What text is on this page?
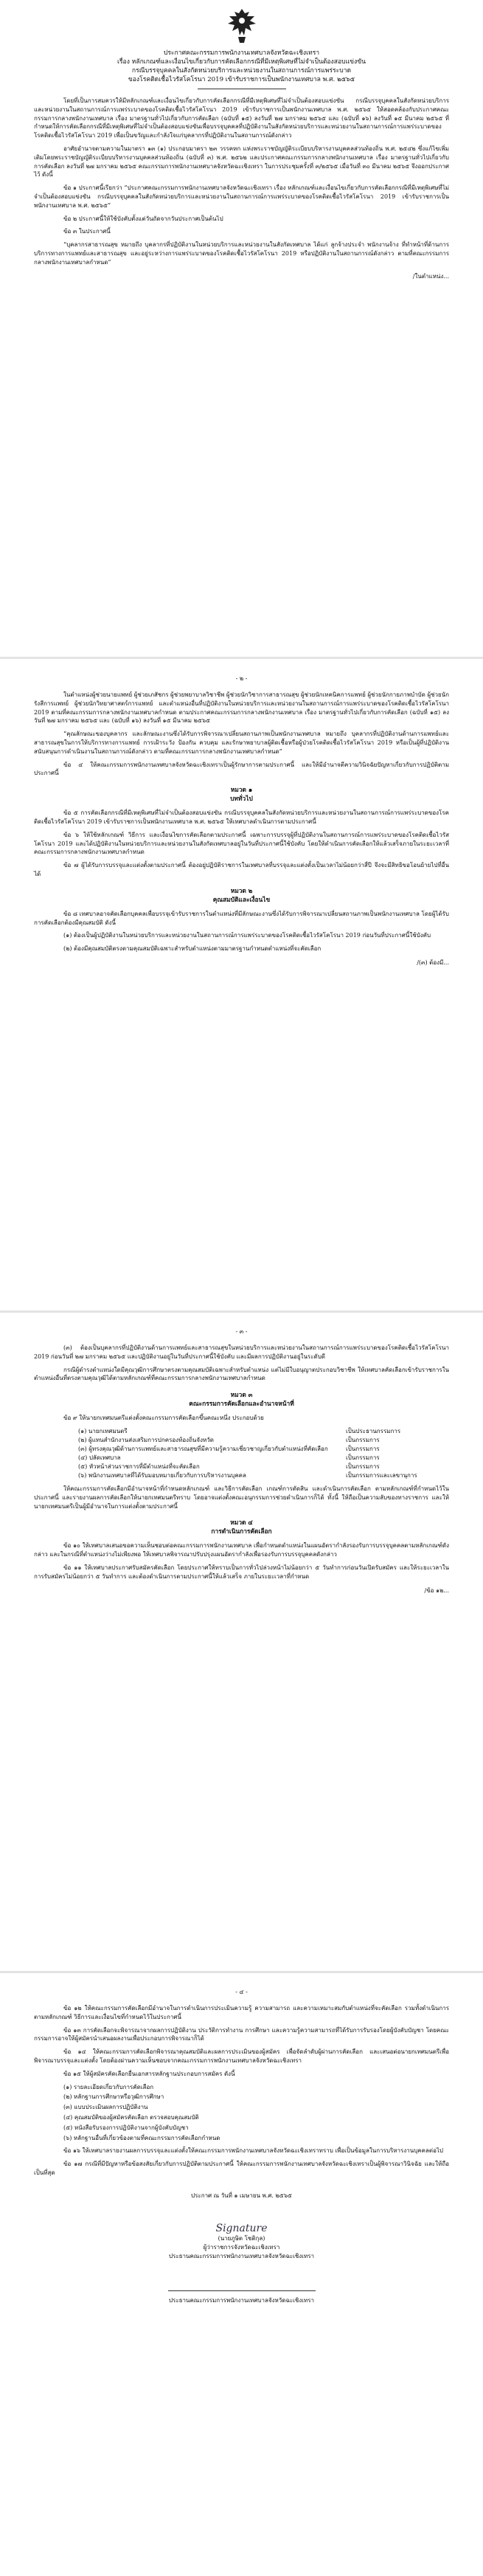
ประกาศคณะกรรมการพนักงานเทศบาลจังหวัดฉะเชิงเทรา
เรื่อง หลักเกณฑ์และเงื่อนไขเกี่ยวกับการคัดเลือกกรณีที่มีเหตุพิเศษที่ไม่จำเป็นต้องสอบแข่งขัน
กรณีบรรจุบุคคลในสังกัดหน่วยบริการและหน่วยงานในสถานการณ์การแพร่ระบาด
ของโรคติดเชื้อไวรัสโคโรนา 2019 เข้ารับราชการเป็นพนักงานเทศบาล พ.ศ. ๒๕๖๕

โดยที่เป็นการสมควรให้มีหลักเกณฑ์และเงื่อนไขเกี่ยวกับการคัดเลือกกรณีที่มีเหตุพิเศษที่ไม่จำเป็นต้องสอบแข่งขัน กรณีบรรจุบุคคลในสังกัดหน่วยบริการและหน่วยงานในสถานการณ์การแพร่ระบาดของโรคติดเชื้อไวรัสโคโรนา 2019 เข้ารับราชการเป็นพนักงานเทศบาล พ.ศ. ๒๕๖๕ ให้สอดคล้องกับประกาศคณะกรรมการกลางพนักงานเทศบาล เรื่อง มาตรฐานทั่วไปเกี่ยวกับการคัดเลือก (ฉบับที่ ๑๕) ลงวันที่ ๒๗ มกราคม ๒๕๖๕ และ (ฉบับที่ ๑๖) ลงวันที่ ๑๕ มีนาคม ๒๕๖๕ ที่กำหนดให้การคัดเลือกกรณีที่มีเหตุพิเศษที่ไม่จำเป็นต้องสอบแข่งขันเพื่อบรรจุบุคคลที่ปฏิบัติงานในสังกัดหน่วยบริการและหน่วยงานในสถานการณ์การแพร่ระบาดของโรคติดเชื้อไวรัสโคโรนา 2019 เพื่อเป็นขวัญและกำลังใจแก่บุคลากรที่ปฏิบัติงานในสถานการณ์ดังกล่าว

อาศัยอำนาจตามความในมาตรา ๑๓ (๑) ประกอบมาตรา ๒๓ วรรคหก แห่งพระราชบัญญัติระเบียบบริหารงานบุคคลส่วนท้องถิ่น พ.ศ. ๒๕๔๒ ซึ่งแก้ไขเพิ่มเติมโดยพระราชบัญญัติระเบียบบริหารงานบุคคลส่วนท้องถิ่น (ฉบับที่ ๓) พ.ศ. ๒๕๖๒ และประกาศคณะกรรมการกลางพนักงานเทศบาล เรื่อง มาตรฐานทั่วไปเกี่ยวกับการคัดเลือก ลงวันที่ ๒๗ มกราคม ๒๕๖๕ คณะกรรมการพนักงานเทศบาลจังหวัดฉะเชิงเทรา ในการประชุมครั้งที่ ๓/๒๕๖๕ เมื่อวันที่ ๓๐ มีนาคม ๒๕๖๕ จึงออกประกาศไว้ ดังนี้

ข้อ ๑ ประกาศนี้เรียกว่า “ประกาศคณะกรรมการพนักงานเทศบาลจังหวัดฉะเชิงเทรา เรื่อง หลักเกณฑ์และเงื่อนไขเกี่ยวกับการคัดเลือกกรณีที่มีเหตุพิเศษที่ไม่จำเป็นต้องสอบแข่งขัน กรณีบรรจุบุคคลในสังกัดหน่วยบริการและหน่วยงานในสถานการณ์การแพร่ระบาดของโรคติดเชื้อไวรัสโคโรนา 2019 เข้ารับราชการเป็นพนักงานเทศบาล พ.ศ. ๒๕๖๕”

ข้อ ๒ ประกาศนี้ให้ใช้บังคับตั้งแต่วันถัดจากวันประกาศเป็นต้นไป

ข้อ ๓ ในประกาศนี้

“บุคลากรสาธารณสุข หมายถึง บุคลากรที่ปฏิบัติงานในหน่วยบริการและหน่วยงานในสังกัดเทศบาล ได้แก่ ลูกจ้างประจำ พนักงานจ้าง ที่ทำหน้าที่ด้านการบริการทางการแพทย์และสาธารณสุข และอยู่ระหว่างการแพร่ระบาดของโรคติดเชื้อไวรัสโคโรนา 2019 หรือปฏิบัติงานในสถานการณ์ดังกล่าว ตามที่คณะกรรมการกลางพนักงานเทศบาลกำหนด”

/ในตำแหน่ง...
- ๒ -

ในตำแหน่งผู้ช่วยนายแพทย์ ผู้ช่วยเภสัชกร ผู้ช่วยพยาบาลวิชาชีพ ผู้ช่วยนักวิชาการสาธารณสุข ผู้ช่วยนักเทคนิคการแพทย์ ผู้ช่วยนักกายภาพบำบัด ผู้ช่วยนักรังสีการแพทย์ ผู้ช่วยนักวิทยาศาสตร์การแพทย์ และตำแหน่งอื่นที่ปฏิบัติงานในหน่วยบริการและหน่วยงานในสถานการณ์การแพร่ระบาดของโรคติดเชื้อไวรัสโคโรนา 2019 ตามที่คณะกรรมการกลางพนักงานเทศบาลกำหนด ตามประกาศคณะกรรมการกลางพนักงานเทศบาล เรื่อง มาตรฐานทั่วไปเกี่ยวกับการคัดเลือก (ฉบับที่ ๑๕) ลงวันที่ ๒๗ มกราคม ๒๕๖๕ และ (ฉบับที่ ๑๖) ลงวันที่ ๑๕ มีนาคม ๒๕๖๕

“คุณลักษณะของบุคลากร และลักษณะงานซึ่งได้รับการพิจารณาเปลี่ยนสถานภาพเป็นพนักงานเทศบาล หมายถึง บุคลากรที่ปฏิบัติงานด้านการแพทย์และสาธารณสุขในการให้บริการทางการแพทย์ การเฝ้าระวัง ป้องกัน ควบคุม และรักษาพยาบาลผู้ติดเชื้อหรือผู้ป่วยโรคติดเชื้อไวรัสโคโรนา 2019 หรือเป็นผู้ที่ปฏิบัติงานสนับสนุนการดำเนินงานในสถานการณ์ดังกล่าว ตามที่คณะกรรมการกลางพนักงานเทศบาลกำหนด”

ข้อ ๔ ให้คณะกรรมการพนักงานเทศบาลจังหวัดฉะเชิงเทราเป็นผู้รักษาการตามประกาศนี้ และให้มีอำนาจตีความวินิจฉัยปัญหาเกี่ยวกับการปฏิบัติตามประกาศนี้

หมวด ๑
บททั่วไป

ข้อ ๕ การคัดเลือกกรณีที่มีเหตุพิเศษที่ไม่จำเป็นต้องสอบแข่งขัน กรณีบรรจุบุคคลในสังกัดหน่วยบริการและหน่วยงานในสถานการณ์การแพร่ระบาดของโรคติดเชื้อไวรัสโคโรนา 2019 เข้ารับราชการเป็นพนักงานเทศบาล พ.ศ. ๒๕๖๕ ให้เทศบาลดำเนินการตามประกาศนี้

ข้อ ๖ ให้ใช้หลักเกณฑ์ วิธีการ และเงื่อนไขการคัดเลือกตามประกาศนี้ เฉพาะการบรรจุผู้ที่ปฏิบัติงานในสถานการณ์การแพร่ระบาดของโรคติดเชื้อไวรัสโคโรนา 2019 และได้ปฏิบัติงานในหน่วยบริการและหน่วยงานในสังกัดเทศบาลอยู่ในวันที่ประกาศนี้ใช้บังคับ โดยให้ดำเนินการคัดเลือกให้แล้วเสร็จภายในระยะเวลาที่คณะกรรมการกลางพนักงานเทศบาลกำหนด

ข้อ ๗ ผู้ได้รับการบรรจุและแต่งตั้งตามประกาศนี้ ต้องอยู่ปฏิบัติราชการในเทศบาลที่บรรจุและแต่งตั้งเป็นเวลาไม่น้อยกว่าสี่ปี จึงจะมีสิทธิขอโอนย้ายไปที่อื่นได้

หมวด ๒
คุณสมบัติและเงื่อนไข

ข้อ ๘ เทศบาลอาจคัดเลือกบุคคลเพื่อบรรจุเข้ารับราชการในตำแหน่งที่มีลักษณะงานซึ่งได้รับการพิจารณาเปลี่ยนสถานภาพเป็นพนักงานเทศบาล โดยผู้ได้รับการคัดเลือกต้องมีคุณสมบัติ ดังนี้

(๑) ต้องเป็นผู้ปฏิบัติงานในหน่วยบริการและหน่วยงานในสถานการณ์การแพร่ระบาดของโรคติดเชื้อไวรัสโคโรนา 2019 ก่อนวันที่ประกาศนี้ใช้บังคับ

(๒) ต้องมีคุณสมบัติตรงตามคุณสมบัติเฉพาะสำหรับตำแหน่งตามมาตรฐานกำหนดตำแหน่งที่จะคัดเลือก

/(๓) ต้องมี...
- ๓ -

(๓) ต้องเป็นบุคลากรที่ปฏิบัติงานด้านการแพทย์และสาธารณสุขในหน่วยบริการและหน่วยงานในสถานการณ์การแพร่ระบาดของโรคติดเชื้อไวรัสโคโรนา 2019 ก่อนวันที่ ๒๗ มกราคม ๒๕๖๕ และปฏิบัติงานอยู่ในวันที่ประกาศนี้ใช้บังคับ และมีผลการปฏิบัติงานอยู่ในระดับดี

กรณีผู้ดำรงตำแหน่งใดมีคุณวุฒิการศึกษาตรงตามคุณสมบัติเฉพาะสำหรับตำแหน่ง แต่ไม่มีใบอนุญาตประกอบวิชาชีพ ให้เทศบาลคัดเลือกเข้ารับราชการในตำแหน่งอื่นที่ตรงตามคุณวุฒิได้ตามหลักเกณฑ์ที่คณะกรรมการกลางพนักงานเทศบาลกำหนด

หมวด ๓
คณะกรรมการคัดเลือกและอำนาจหน้าที่

ข้อ ๙ ให้นายกเทศมนตรีแต่งตั้งคณะกรรมการคัดเลือกขึ้นคณะหนึ่ง ประกอบด้วย

(๑) นายกเทศมนตรี	เป็นประธานกรรมการ
(๒) ผู้แทนสำนักงานส่งเสริมการปกครองท้องถิ่นจังหวัด	เป็นกรรมการ
(๓) ผู้ทรงคุณวุฒิด้านการแพทย์และสาธารณสุขที่มีความรู้ความเชี่ยวชาญเกี่ยวกับตำแหน่งที่คัดเลือก	เป็นกรรมการ
(๔) ปลัดเทศบาล	เป็นกรรมการ
(๕) หัวหน้าส่วนราชการที่มีตำแหน่งที่จะคัดเลือก	เป็นกรรมการ
(๖) พนักงานเทศบาลที่ได้รับมอบหมายเกี่ยวกับการบริหารงานบุคคล	เป็นกรรมการและเลขานุการ

ให้คณะกรรมการคัดเลือกมีอำนาจหน้าที่กำหนดหลักเกณฑ์ และวิธีการคัดเลือก เกณฑ์การตัดสิน และดำเนินการคัดเลือก ตามหลักเกณฑ์ที่กำหนดไว้ในประกาศนี้ และรายงานผลการคัดเลือกให้นายกเทศมนตรีทราบ โดยอาจแต่งตั้งคณะอนุกรรมการช่วยดำเนินการก็ได้ ทั้งนี้ ให้ถือเป็นความลับของทางราชการ และให้นายกเทศมนตรีเป็นผู้มีอำนาจในการแต่งตั้งตามประกาศนี้

หมวด ๔
การดำเนินการคัดเลือก

ข้อ ๑๐ ให้เทศบาลเสนอขอความเห็นชอบต่อคณะกรรมการพนักงานเทศบาล เพื่อกำหนดตำแหน่งในแผนอัตรากำลังรองรับการบรรจุบุคคลตามหลักเกณฑ์ดังกล่าว และในกรณีที่ตำแหน่งว่างไม่เพียงพอ ให้เทศบาลพิจารณาปรับปรุงแผนอัตรากำลังเพื่อรองรับการบรรจุบุคคลดังกล่าว

ข้อ ๑๑ ให้เทศบาลประกาศรับสมัครคัดเลือก โดยประกาศให้ทราบเป็นการทั่วไปล่วงหน้าไม่น้อยกว่า ๕ วันทำการก่อนวันเปิดรับสมัคร และให้ระยะเวลาในการรับสมัครไม่น้อยกว่า ๕ วันทำการ และต้องดำเนินการตามประกาศนี้ให้แล้วเสร็จ ภายในระยะเวลาที่กำหนด

/ข้อ ๑๒...
- ๔ -

ข้อ ๑๒ ให้คณะกรรมการคัดเลือกมีอำนาจในการดำเนินการประเมินความรู้ ความสามารถ และความเหมาะสมกับตำแหน่งที่จะคัดเลือก รวมทั้งดำเนินการตามหลักเกณฑ์ วิธีการและเงื่อนไขที่กำหนดไว้ในประกาศนี้

ข้อ ๑๓ การคัดเลือกจะพิจารณาจากผลการปฏิบัติงาน ประวัติการทำงาน การศึกษา และความรู้ความสามารถที่ได้รับการรับรองโดยผู้บังคับบัญชา โดยคณะกรรมการอาจให้ผู้สมัครนำเสนอผลงานเพื่อประกอบการพิจารณาก็ได้

ข้อ ๑๔ ให้คณะกรรมการคัดเลือกพิจารณาคุณสมบัติและผลการประเมินของผู้สมัคร เพื่อจัดลำดับผู้ผ่านการคัดเลือก และเสนอต่อนายกเทศมนตรีเพื่อพิจารณาบรรจุและแต่งตั้ง โดยต้องผ่านความเห็นชอบจากคณะกรรมการพนักงานเทศบาลจังหวัดฉะเชิงเทรา

ข้อ ๑๕ ให้ผู้สมัครคัดเลือกยื่นเอกสารหลักฐานประกอบการสมัคร ดังนี้

(๑) รายละเอียดเกี่ยวกับการคัดเลือก

(๒) หลักฐานการศึกษาหรือวุฒิการศึกษา

(๓) แบบประเมินผลการปฏิบัติงาน

(๔) คุณสมบัติของผู้สมัครคัดเลือก ตรวจสอบคุณสมบัติ

(๕) หนังสือรับรองการปฏิบัติงานจากผู้บังคับบัญชา

(๖) หลักฐานอื่นที่เกี่ยวข้องตามที่คณะกรรมการคัดเลือกกำหนด

ข้อ ๑๖ ให้เทศบาลรายงานผลการบรรจุและแต่งตั้งให้คณะกรรมการพนักงานเทศบาลจังหวัดฉะเชิงเทราทราบ เพื่อเป็นข้อมูลในการบริหารงานบุคคลต่อไป

ข้อ ๑๗ กรณีที่มีปัญหาหรือข้อสงสัยเกี่ยวกับการปฏิบัติตามประกาศนี้ ให้คณะกรรมการพนักงานเทศบาลจังหวัดฉะเชิงเทราเป็นผู้พิจารณาวินิจฉัย และให้ถือเป็นที่สุด

ประกาศ ณ วันที่ ๑ เมษายน พ.ศ. ๒๕๖๕
Signature
(นายภูษิต โชติกุล)
ผู้ว่าราชการจังหวัดฉะเชิงเทรา
ประธานคณะกรรมการพนักงานเทศบาลจังหวัดฉะเชิงเทรา
ประธานคณะกรรมการพนักงานเทศบาลจังหวัดฉะเชิงเทรา
